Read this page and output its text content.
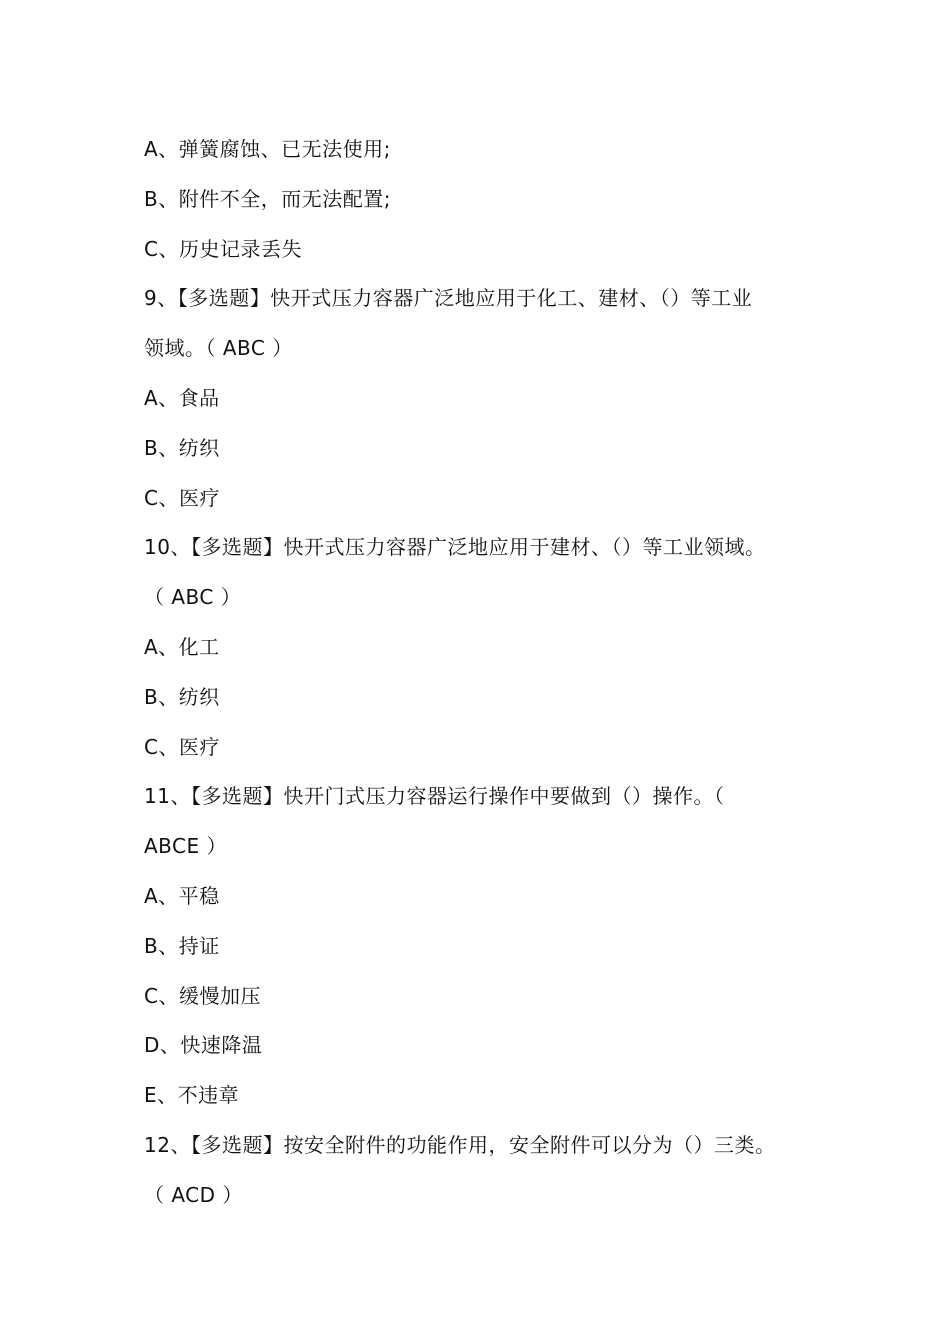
A、弹簧腐蚀、已无法使用;
B、附件不全，而无法配置;
C、历史记录丢失
9、【多选题】快开式压力容器广泛地应用于化工、建材、（）等工业
领域。（ ABC ）
A、食品
B、纺织
C、医疗
10、【多选题】快开式压力容器广泛地应用于建材、（）等工业领域。
（ ABC ）
A、化工
B、纺织
C、医疗
11、【多选题】快开门式压力容器运行操作中要做到（）操作。（
ABCE ）
A、平稳
B、持证
C、缓慢加压
D、快速降温
E、不违章
12、【多选题】按安全附件的功能作用，安全附件可以分为（）三类。
（ ACD ）
